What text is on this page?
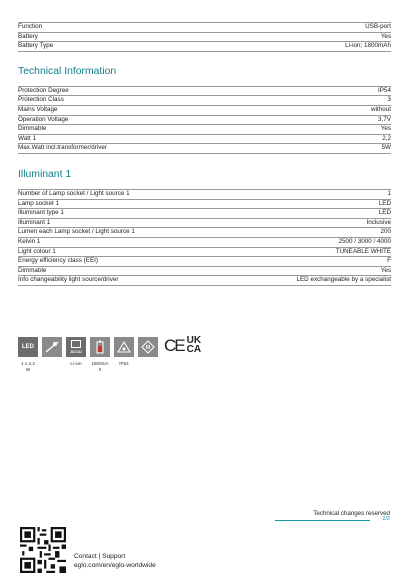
Function	USB-port
Battery	Yes
Battery Type	Li-ion; 1800mAh
Technical Information
Protection Degree	IP54
Protection Class	3
Mains Voltage	without
Operation Voltage	3,7V
Dimmable	Yes
Watt 1	2,2
Max.Watt incl.transformer/driver	5W
Illuminant 1
Number of Lamp socket / Light source 1	1
Lamp socket 1	LED
Illuminant type 1	LED
Illuminant 1	Inclusive
Lumen each Lamp socket / Light source 1	200
Kelvin 1	2500 / 3000 / 4000
Light colour 1	TUNEABLE WHITE
Energy efficiency class (EEI)	F
Dimmable	Yes
Info changeability light source/driver	LED exchangeable by a specialist
LED
1 x 2,2
W
ACCU
Li-ion	1800mA
h
IP54
III CE UK
CA
Technical changes reserved
2/2
Contact | Support
eglo.com/en/eglo-worldwide
